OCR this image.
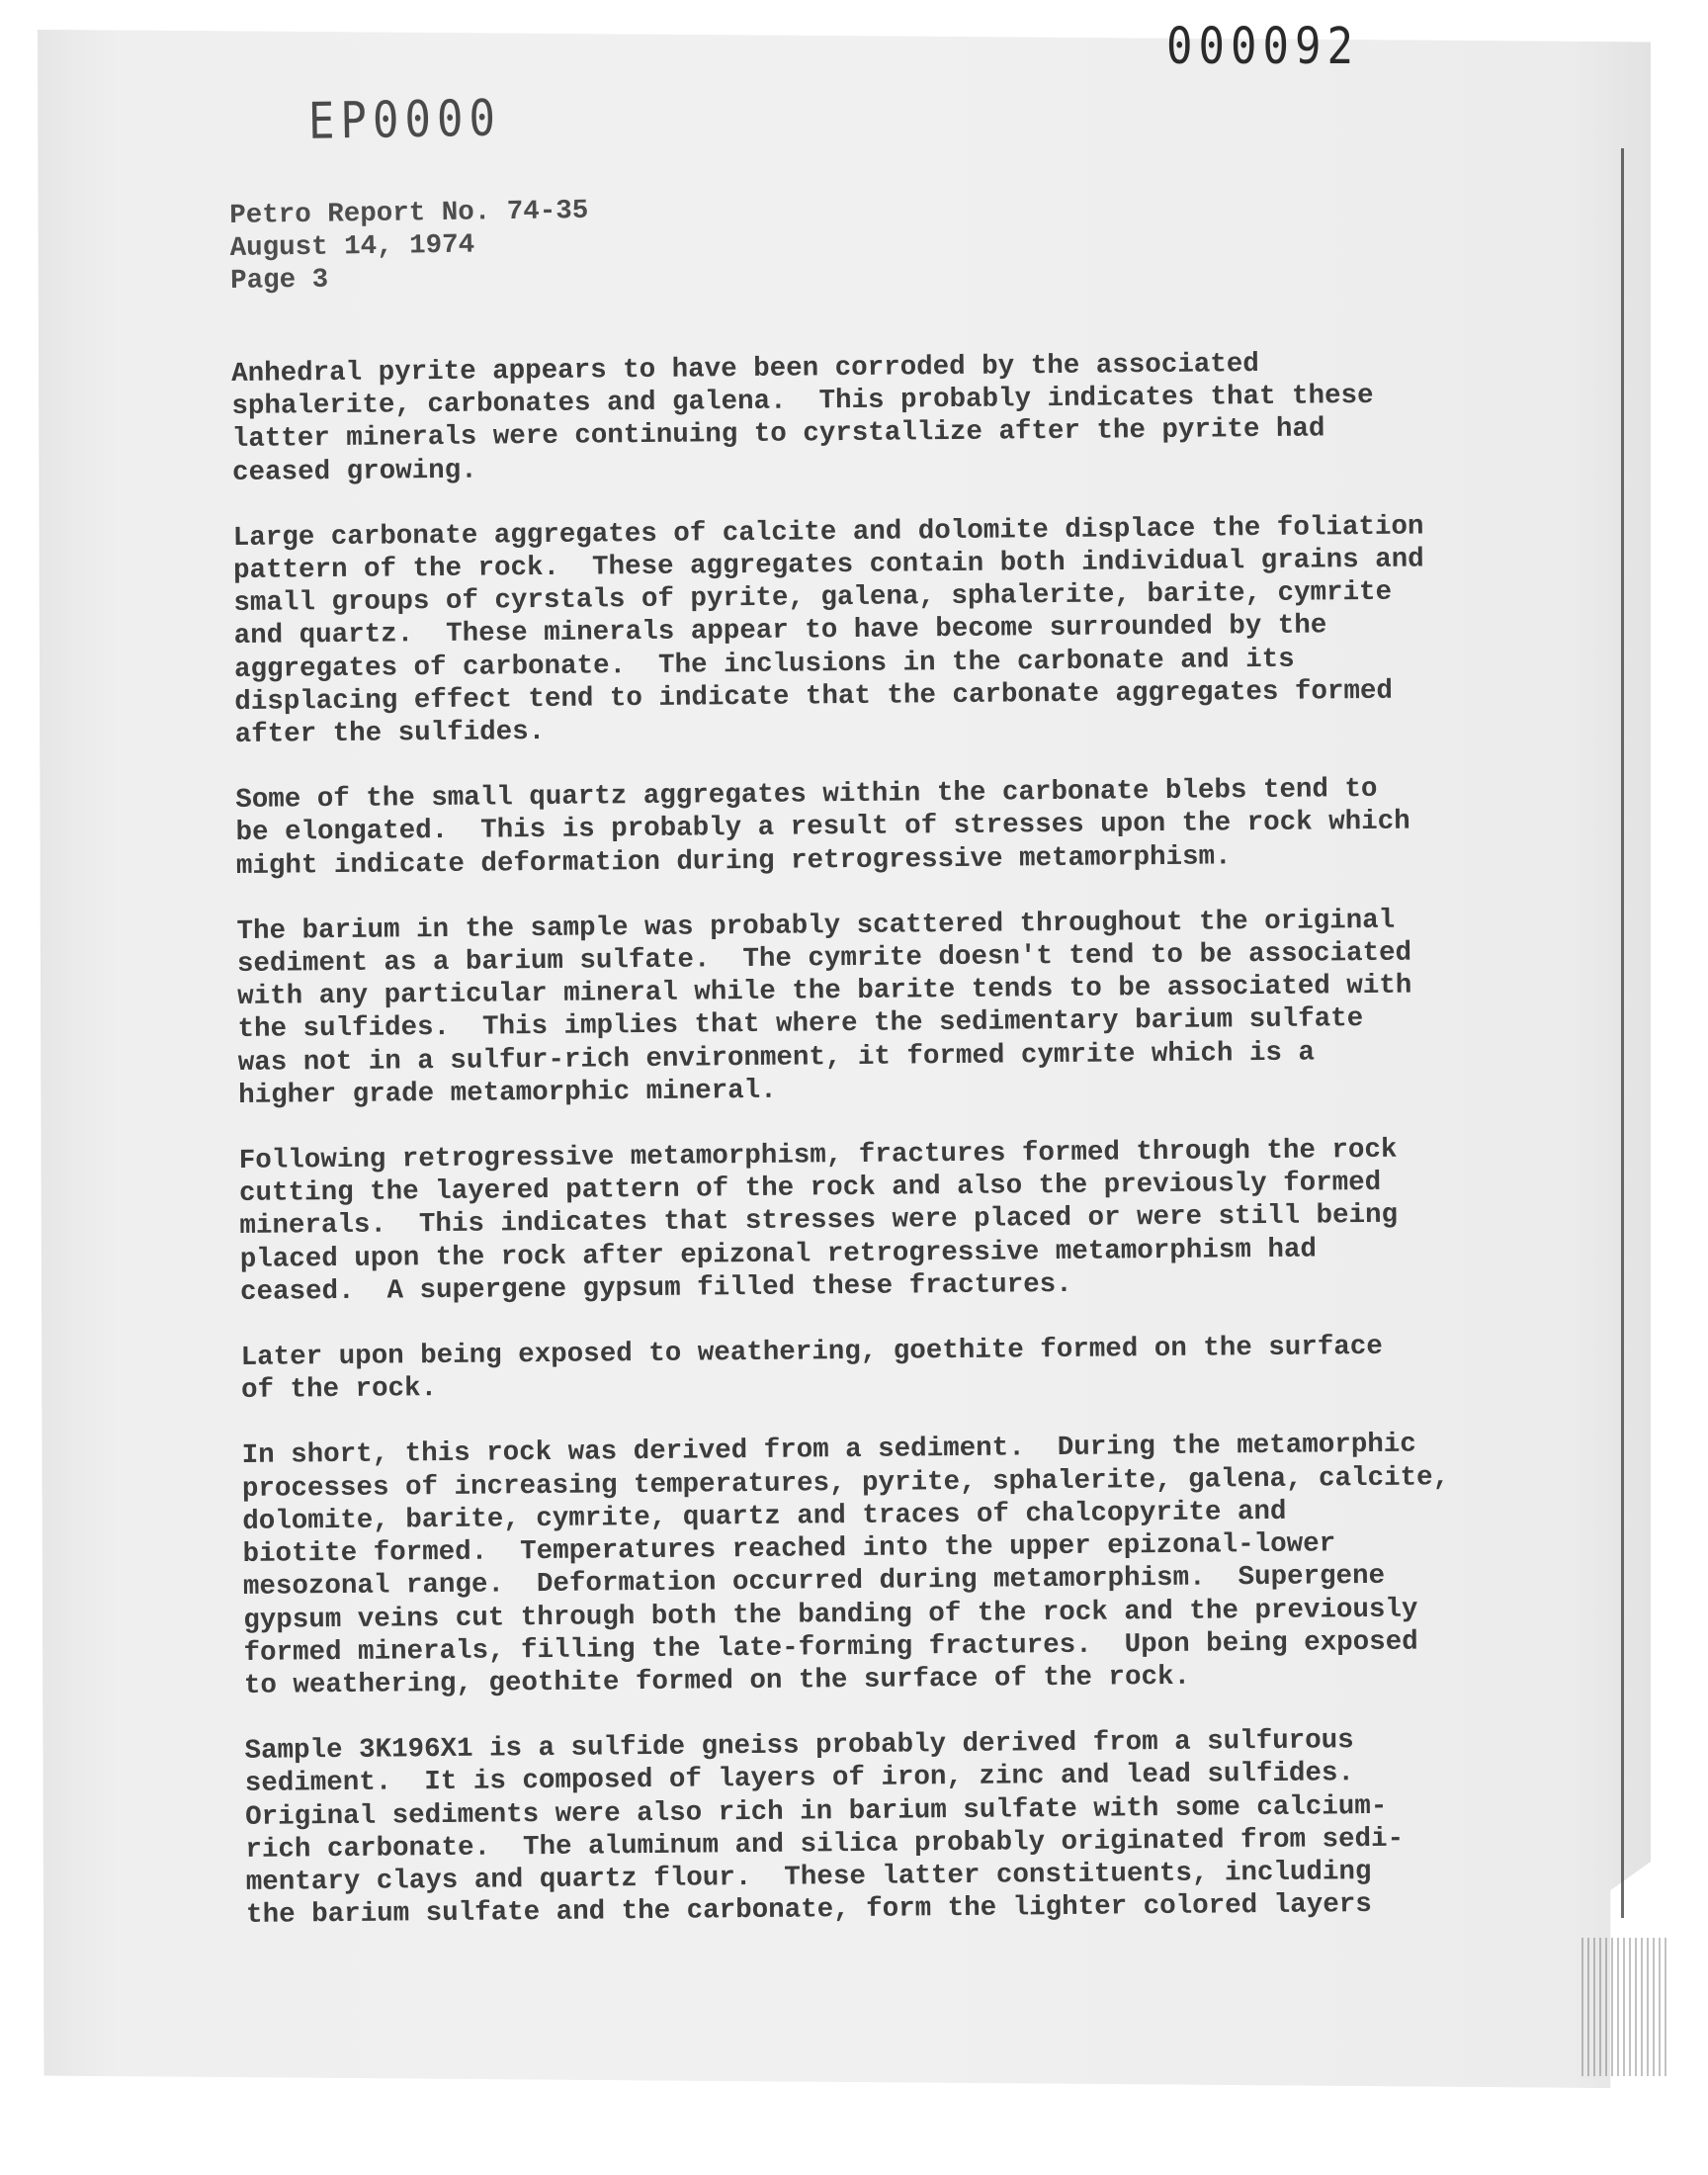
000092
EP0000
Petro Report No. 74-35
August 14, 1974
Page 3
Anhedral pyrite appears to have been corroded by the associated
sphalerite, carbonates and galena.  This probably indicates that these
latter minerals were continuing to cyrstallize after the pyrite had
ceased growing.
Large carbonate aggregates of calcite and dolomite displace the foliation
pattern of the rock.  These aggregates contain both individual grains and
small groups of cyrstals of pyrite, galena, sphalerite, barite, cymrite
and quartz.  These minerals appear to have become surrounded by the
aggregates of carbonate.  The inclusions in the carbonate and its
displacing effect tend to indicate that the carbonate aggregates formed
after the sulfides.
Some of the small quartz aggregates within the carbonate blebs tend to
be elongated.  This is probably a result of stresses upon the rock which
might indicate deformation during retrogressive metamorphism.
The barium in the sample was probably scattered throughout the original
sediment as a barium sulfate.  The cymrite doesn't tend to be associated
with any particular mineral while the barite tends to be associated with
the sulfides.  This implies that where the sedimentary barium sulfate
was not in a sulfur-rich environment, it formed cymrite which is a
higher grade metamorphic mineral.
Following retrogressive metamorphism, fractures formed through the rock
cutting the layered pattern of the rock and also the previously formed
minerals.  This indicates that stresses were placed or were still being
placed upon the rock after epizonal retrogressive metamorphism had
ceased.  A supergene gypsum filled these fractures.
Later upon being exposed to weathering, goethite formed on the surface
of the rock.
In short, this rock was derived from a sediment.  During the metamorphic
processes of increasing temperatures, pyrite, sphalerite, galena, calcite,
dolomite, barite, cymrite, quartz and traces of chalcopyrite and
biotite formed.  Temperatures reached into the upper epizonal-lower
mesozonal range.  Deformation occurred during metamorphism.  Supergene
gypsum veins cut through both the banding of the rock and the previously
formed minerals, filling the late-forming fractures.  Upon being exposed
to weathering, geothite formed on the surface of the rock.
Sample 3K196X1 is a sulfide gneiss probably derived from a sulfurous
sediment.  It is composed of layers of iron, zinc and lead sulfides.
Original sediments were also rich in barium sulfate with some calcium-
rich carbonate.  The aluminum and silica probably originated from sedi-
mentary clays and quartz flour.  These latter constituents, including
the barium sulfate and the carbonate, form the lighter colored layers
